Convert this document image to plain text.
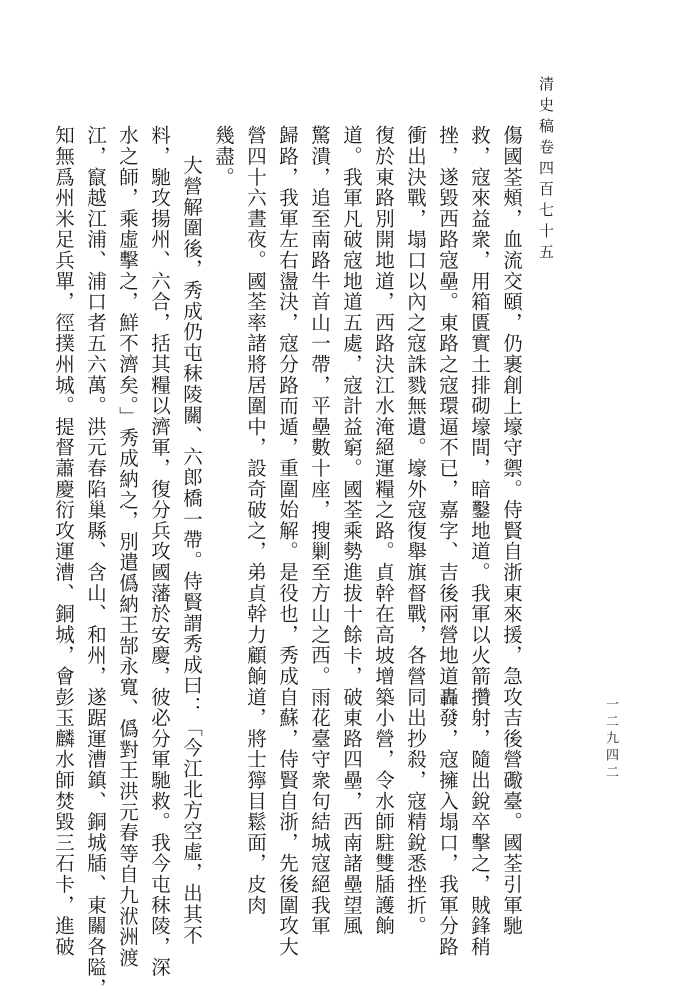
清史稿卷四百七十五
一二九四二
傷國荃頰，血流交頤，仍裹創上壕守禦。侍賢自浙東來援，急攻吉後營礮臺。國荃引軍馳
救，寇來益衆，用箱匱實土排砌壕間，暗鑿地道。我軍以火箭攢射，隨出銳卒擊之，賊鋒稍
挫，遂毀西路寇壘。東路之寇環逼不已，嘉字、吉後兩營地道轟發，寇擁入塌口，我軍分路
衝出決戰，塌口以內之寇誅戮無遺。壕外寇復舉旗督戰，各營同出抄殺，寇精銳悉挫折。
復於東路別開地道，西路決江水淹絕運糧之路。貞幹在高坡增築小營，令水師駐雙牐護餉
道。我軍凡破寇地道五處，寇計益窮。國荃乘勢進拔十餘卡，破東路四壘，西南諸壘望風
驚潰，追至南路牛首山一帶，平壘數十座，搜剿至方山之西。雨花臺守衆句結城寇絕我軍
歸路，我軍左右盪決，寇分路而遁，重圍始解。是役也，秀成自蘇，侍賢自浙，先後圍攻大
營四十六晝夜。國荃率諸將居圍中，設奇破之，弟貞幹力顧餉道，將士獰目鬆面，皮肉
幾盡。
大營解圍後，秀成仍屯秣陵關、六郎橋一帶。侍賢謂秀成曰：「今江北方空虛，出其不
料，馳攻揚州、六合，括其糧以濟軍，復分兵攻國藩於安慶，彼必分軍馳救。我今屯秣陵，深
水之師，乘虛擊之，鮮不濟矣。」秀成納之，別遣僞納王郜永寬、僞對王洪元春等自九洑洲渡
江，竄越江浦、浦口者五六萬。洪元春陷巢縣、含山、和州，遂踞運漕鎮、銅城牐、東關各隘，
知無爲州米足兵單，徑撲州城。提督蕭慶衍攻運漕、銅城，會彭玉麟水師焚毀三石卡，進破
